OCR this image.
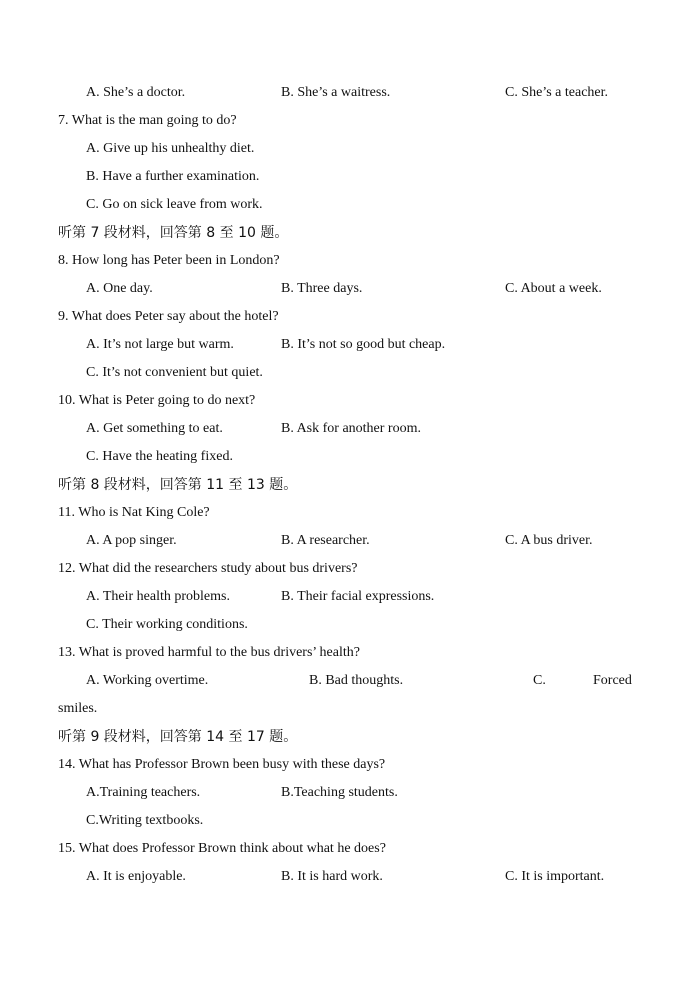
A. She’s a doctor.	B. She’s a waitress.	C. She’s a teacher.
7. What is the man going to do?
A. Give up his unhealthy diet.
B. Have a further examination.
C. Go on sick leave from work.
听第 7 段材料，回答第 8 至 10 题。
8. How long has Peter been in London?
A. One day.	B. Three days.	C. About a week.
9. What does Peter say about the hotel?
A. It’s not large but warm.	B. It’s not so good but cheap.
C. It’s not convenient but quiet.
10. What is Peter going to do next?
A. Get something to eat.	B. Ask for another room.
C. Have the heating fixed.
听第 8 段材料，回答第 11 至 13 题。
11. Who is Nat King Cole?
A. A pop singer.	B. A researcher.	C. A bus driver.
12. What did the researchers study about bus drivers?
A. Their health problems.	B. Their facial expressions.
C. Their working conditions.
13. What is proved harmful to the bus drivers’ health?
A. Working overtime.	B. Bad thoughts.	C.	Forced
smiles.
听第 9 段材料，回答第 14 至 17 题。
14. What has Professor Brown been busy with these days?
A.Training teachers.	B.Teaching students.
C.Writing textbooks.
15. What does Professor Brown think about what he does?
A. It is enjoyable.	B. It is hard work.	C. It is important.
